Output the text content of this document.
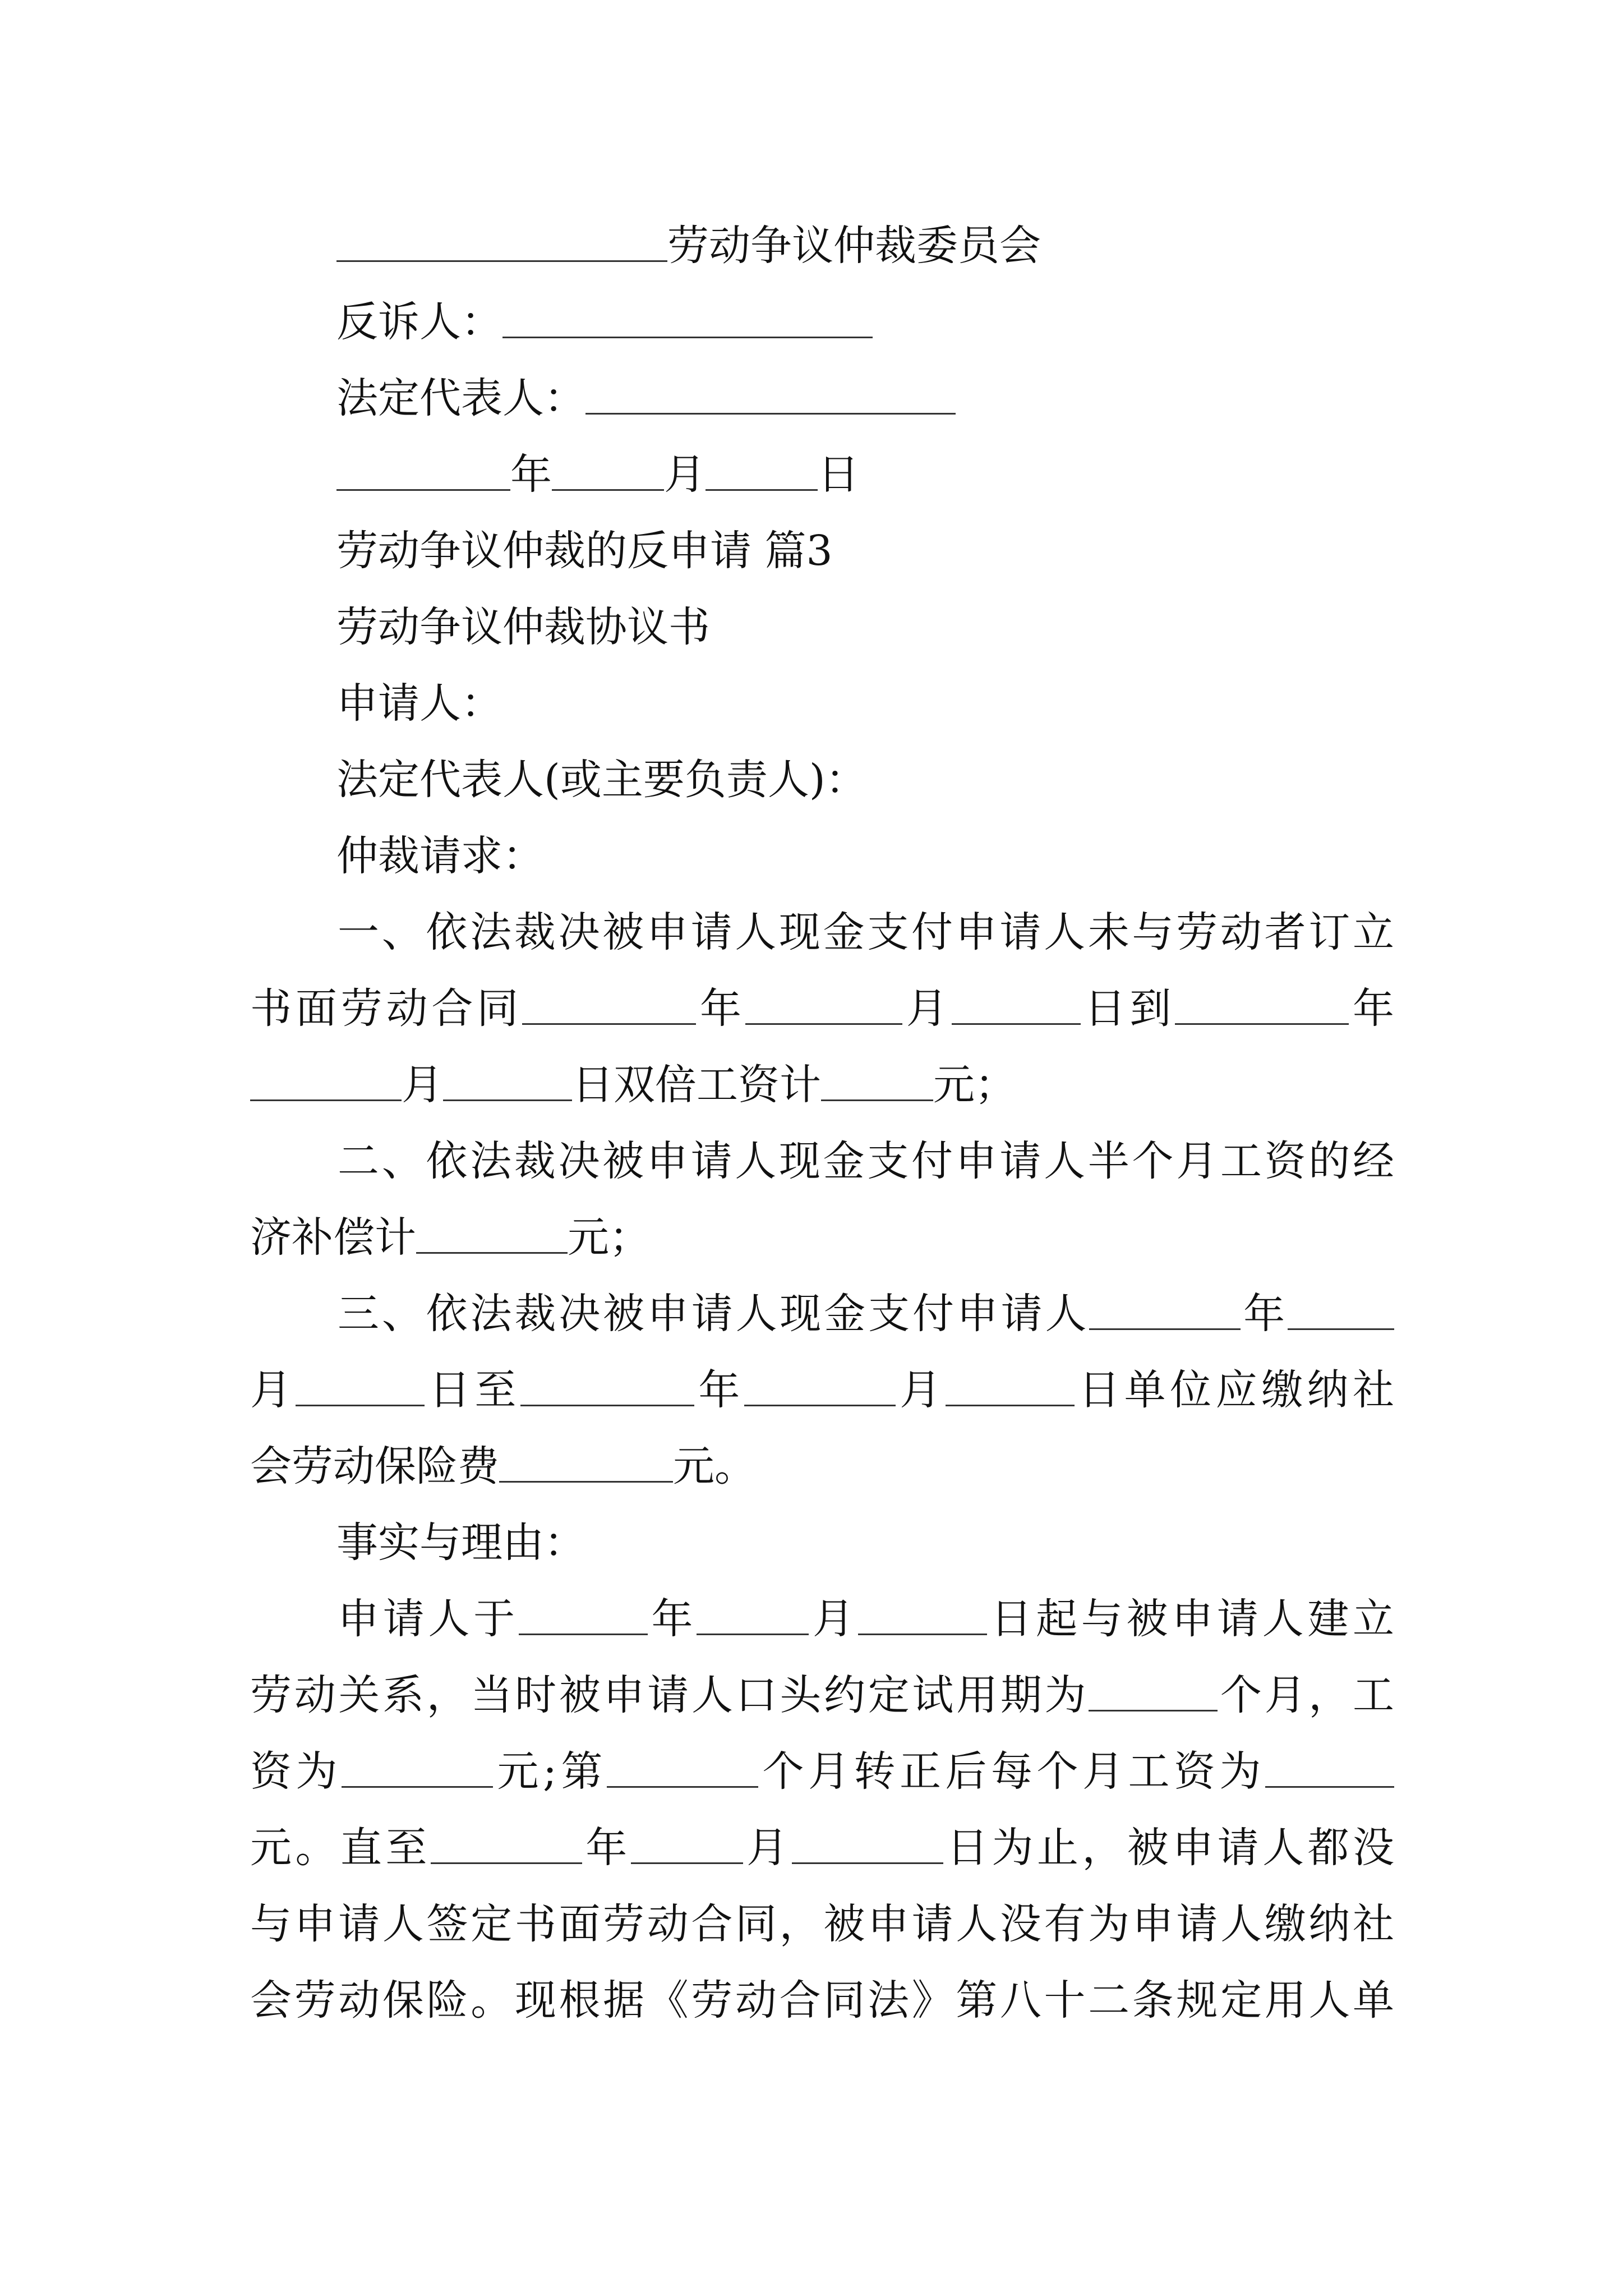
劳动争议仲裁委员会
反诉人：
法定代表人：
年	月	日
劳动争议仲裁的反申请 篇3
劳动争议仲裁协议书
申请人：
法定代表人(或主要负责人)：
仲裁请求：
一、依法裁决被申请人现金支付申请人未与劳动者订立
书面劳动合同	年	月	日到	年
月	日双倍工资计	元；
二、依法裁决被申请人现金支付申请人半个月工资的经
济补偿计	元；
三、依法裁决被申请人现金支付申请人	年
月	日至	年	月	日单位应缴纳社
会劳动保险费	元。
事实与理由：
申请人于	年	月	日起与被申请人建立
劳动关系，当时被申请人口头约定试用期为	个月，工
资为	元;第	个月转正后每个月工资为
元。直至	年	月	日为止，被申请人都没
与申请人签定书面劳动合同，被申请人没有为申请人缴纳社
会劳动保险。现根据《劳动合同法》第八十二条规定用人单
